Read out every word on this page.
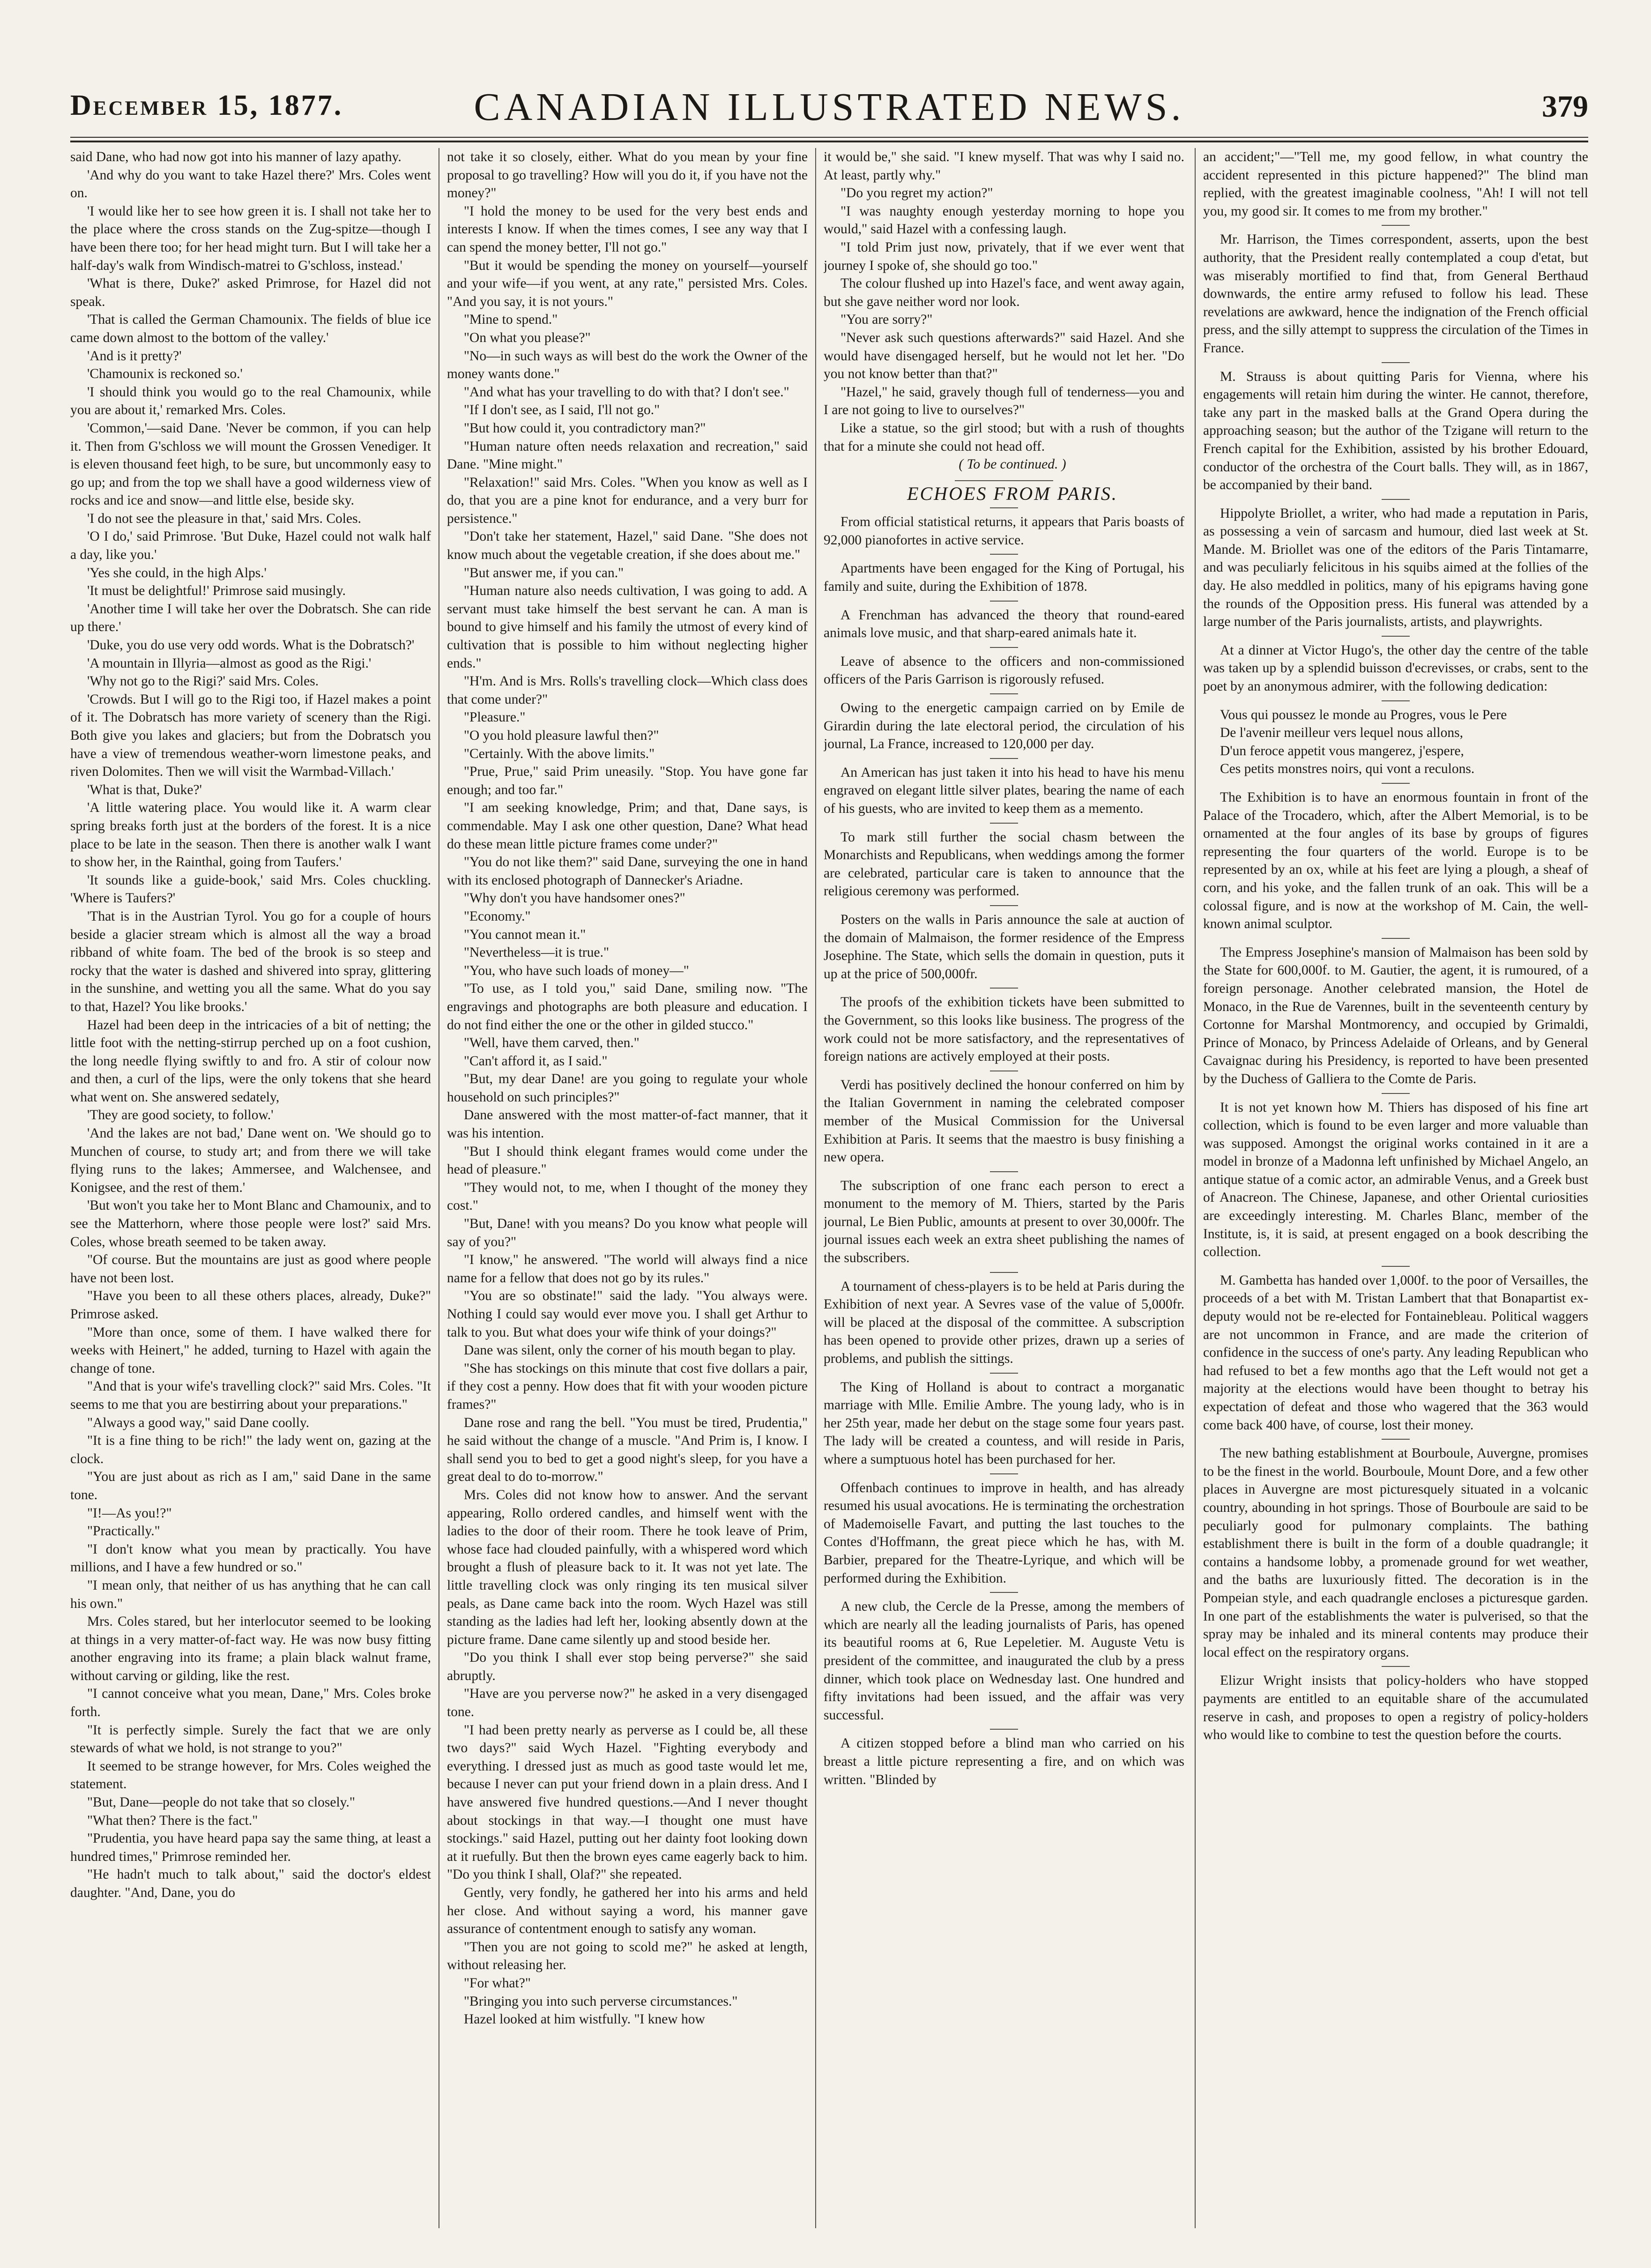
December 15, 1877.	CANADIAN ILLUSTRATED NEWS.	379

said Dane, who had now got into his manner of lazy apathy.

'And why do you want to take Hazel there?' Mrs. Coles went on.

'I would like her to see how green it is. I shall not take her to the place where the cross stands on the Zug-spitze—though I have been there too; for her head might turn. But I will take her a half-day's walk from Windisch-matrei to G'schloss, instead.'

'What is there, Duke?' asked Primrose, for Hazel did not speak.

'That is called the German Chamounix. The fields of blue ice came down almost to the bottom of the valley.'

'And is it pretty?'

'Chamounix is reckoned so.'

'I should think you would go to the real Chamounix, while you are about it,' remarked Mrs. Coles.

'Common,'—said Dane. 'Never be common, if you can help it. Then from G'schloss we will mount the Grossen Venediger. It is eleven thousand feet high, to be sure, but uncommonly easy to go up; and from the top we shall have a good wilderness view of rocks and ice and snow—and little else, beside sky.

'I do not see the pleasure in that,' said Mrs. Coles.

'O I do,' said Primrose. 'But Duke, Hazel could not walk half a day, like you.'

'Yes she could, in the high Alps.'

'It must be delightful!' Primrose said musingly.

'Another time I will take her over the Dobratsch. She can ride up there.'

'Duke, you do use very odd words. What is the Dobratsch?'

'A mountain in Illyria—almost as good as the Rigi.'

'Why not go to the Rigi?' said Mrs. Coles.

'Crowds. But I will go to the Rigi too, if Hazel makes a point of it. The Dobratsch has more variety of scenery than the Rigi. Both give you lakes and glaciers; but from the Dobratsch you have a view of tremendous weather-worn limestone peaks, and riven Dolomites. Then we will visit the Warmbad-Villach.'

'What is that, Duke?'

'A little watering place. You would like it. A warm clear spring breaks forth just at the borders of the forest. It is a nice place to be late in the season. Then there is another walk I want to show her, in the Rainthal, going from Taufers.'

'It sounds like a guide-book,' said Mrs. Coles chuckling. 'Where is Taufers?'

'That is in the Austrian Tyrol. You go for a couple of hours beside a glacier stream which is almost all the way a broad ribband of white foam. The bed of the brook is so steep and rocky that the water is dashed and shivered into spray, glittering in the sunshine, and wetting you all the same. What do you say to that, Hazel? You like brooks.'

Hazel had been deep in the intricacies of a bit of netting; the little foot with the netting-stirrup perched up on a foot cushion, the long needle flying swiftly to and fro. A stir of colour now and then, a curl of the lips, were the only tokens that she heard what went on. She answered sedately,

'They are good society, to follow.'

'And the lakes are not bad,' Dane went on. 'We should go to Munchen of course, to study art; and from there we will take flying runs to the lakes; Ammersee, and Walchensee, and Konigsee, and the rest of them.'

'But won't you take her to Mont Blanc and Chamounix, and to see the Matterhorn, where those people were lost?' said Mrs. Coles, whose breath seemed to be taken away.

"Of course. But the mountains are just as good where people have not been lost.

"Have you been to all these others places, already, Duke?" Primrose asked.

"More than once, some of them. I have walked there for weeks with Heinert," he added, turning to Hazel with again the change of tone.

"And that is your wife's travelling clock?" said Mrs. Coles. "It seems to me that you are bestirring about your preparations."

"Always a good way," said Dane coolly.

"It is a fine thing to be rich!" the lady went on, gazing at the clock.

"You are just about as rich as I am," said Dane in the same tone.

"I!—As you!?"

"Practically."

"I don't know what you mean by practically. You have millions, and I have a few hundred or so."

"I mean only, that neither of us has anything that he can call his own."

Mrs. Coles stared, but her interlocutor seemed to be looking at things in a very matter-of-fact way. He was now busy fitting another engraving into its frame; a plain black walnut frame, without carving or gilding, like the rest.

"I cannot conceive what you mean, Dane," Mrs. Coles broke forth.

"It is perfectly simple. Surely the fact that we are only stewards of what we hold, is not strange to you?"

It seemed to be strange however, for Mrs. Coles weighed the statement.

"But, Dane—people do not take that so closely."

"What then? There is the fact."

"Prudentia, you have heard papa say the same thing, at least a hundred times," Primrose reminded her.

"He hadn't much to talk about," said the doctor's eldest daughter. "And, Dane, you do

not take it so closely, either. What do you mean by your fine proposal to go travelling? How will you do it, if you have not the money?"

"I hold the money to be used for the very best ends and interests I know. If when the times comes, I see any way that I can spend the money better, I'll not go."

"But it would be spending the money on yourself—yourself and your wife—if you went, at any rate," persisted Mrs. Coles. "And you say, it is not yours."

"Mine to spend."

"On what you please?"

"No—in such ways as will best do the work the Owner of the money wants done."

"And what has your travelling to do with that? I don't see."

"If I don't see, as I said, I'll not go."

"But how could it, you contradictory man?"

"Human nature often needs relaxation and recreation," said Dane. "Mine might."

"Relaxation!" said Mrs. Coles. "When you know as well as I do, that you are a pine knot for endurance, and a very burr for persistence."

"Don't take her statement, Hazel," said Dane. "She does not know much about the vegetable creation, if she does about me."

"But answer me, if you can."

"Human nature also needs cultivation, I was going to add. A servant must take himself the best servant he can. A man is bound to give himself and his family the utmost of every kind of cultivation that is possible to him without neglecting higher ends."

"H'm. And is Mrs. Rolls's travelling clock—Which class does that come under?"

"Pleasure."

"O you hold pleasure lawful then?"

"Certainly. With the above limits."

"Prue, Prue," said Prim uneasily. "Stop. You have gone far enough; and too far."

"I am seeking knowledge, Prim; and that, Dane says, is commendable. May I ask one other question, Dane? What head do these mean little picture frames come under?"

"You do not like them?" said Dane, surveying the one in hand with its enclosed photograph of Dannecker's Ariadne.

"Why don't you have handsomer ones?"

"Economy."

"You cannot mean it."

"Nevertheless—it is true."

"You, who have such loads of money—"

"To use, as I told you," said Dane, smiling now. "The engravings and photographs are both pleasure and education. I do not find either the one or the other in gilded stucco."

"Well, have them carved, then."

"Can't afford it, as I said."

"But, my dear Dane! are you going to regulate your whole household on such principles?"

Dane answered with the most matter-of-fact manner, that it was his intention.

"But I should think elegant frames would come under the head of pleasure."

"They would not, to me, when I thought of the money they cost."

"But, Dane! with you means? Do you know what people will say of you?"

"I know," he answered. "The world will always find a nice name for a fellow that does not go by its rules."

"You are so obstinate!" said the lady. "You always were. Nothing I could say would ever move you. I shall get Arthur to talk to you. But what does your wife think of your doings?"

Dane was silent, only the corner of his mouth began to play.

"She has stockings on this minute that cost five dollars a pair, if they cost a penny. How does that fit with your wooden picture frames?"

Dane rose and rang the bell. "You must be tired, Prudentia," he said without the change of a muscle. "And Prim is, I know. I shall send you to bed to get a good night's sleep, for you have a great deal to do to-morrow."

Mrs. Coles did not know how to answer. And the servant appearing, Rollo ordered candles, and himself went with the ladies to the door of their room. There he took leave of Prim, whose face had clouded painfully, with a whispered word which brought a flush of pleasure back to it. It was not yet late. The little travelling clock was only ringing its ten musical silver peals, as Dane came back into the room. Wych Hazel was still standing as the ladies had left her, looking absently down at the picture frame. Dane came silently up and stood beside her.

"Do you think I shall ever stop being perverse?" she said abruptly.

"Have are you perverse now?" he asked in a very disengaged tone.

"I had been pretty nearly as perverse as I could be, all these two days?" said Wych Hazel. "Fighting everybody and everything. I dressed just as much as good taste would let me, because I never can put your friend down in a plain dress. And I have answered five hundred questions.—And I never thought about stockings in that way.—I thought one must have stockings." said Hazel, putting out her dainty foot looking down at it ruefully. But then the brown eyes came eagerly back to him. "Do you think I shall, Olaf?" she repeated.

Gently, very fondly, he gathered her into his arms and held her close. And without saying a word, his manner gave assurance of contentment enough to satisfy any woman.

"Then you are not going to scold me?" he asked at length, without releasing her.

"For what?"

"Bringing you into such perverse circumstances."

Hazel looked at him wistfully. "I knew how

it would be," she said. "I knew myself. That was why I said no. At least, partly why."

"Do you regret my action?"

"I was naughty enough yesterday morning to hope you would," said Hazel with a confessing laugh.

"I told Prim just now, privately, that if we ever went that journey I spoke of, she should go too."

The colour flushed up into Hazel's face, and went away again, but she gave neither word nor look.

"You are sorry?"

"Never ask such questions afterwards?" said Hazel. And she would have disengaged herself, but he would not let her. "Do you not know better than that?"

"Hazel," he said, gravely though full of tenderness—you and I are not going to live to ourselves?"

Like a statue, so the girl stood; but with a rush of thoughts that for a minute she could not head off.

( To be continued. )

ECHOES FROM PARIS.

From official statistical returns, it appears that Paris boasts of 92,000 pianofortes in active service.

Apartments have been engaged for the King of Portugal, his family and suite, during the Exhibition of 1878.

A Frenchman has advanced the theory that round-eared animals love music, and that sharp-eared animals hate it.

Leave of absence to the officers and non-commissioned officers of the Paris Garrison is rigorously refused.

Owing to the energetic campaign carried on by Emile de Girardin during the late electoral period, the circulation of his journal, La France, increased to 120,000 per day.

An American has just taken it into his head to have his menu engraved on elegant little silver plates, bearing the name of each of his guests, who are invited to keep them as a memento.

To mark still further the social chasm between the Monarchists and Republicans, when weddings among the former are celebrated, particular care is taken to announce that the religious ceremony was performed.

Posters on the walls in Paris announce the sale at auction of the domain of Malmaison, the former residence of the Empress Josephine. The State, which sells the domain in question, puts it up at the price of 500,000fr.

The proofs of the exhibition tickets have been submitted to the Government, so this looks like business. The progress of the work could not be more satisfactory, and the representatives of foreign nations are actively employed at their posts.

Verdi has positively declined the honour conferred on him by the Italian Government in naming the celebrated composer member of the Musical Commission for the Universal Exhibition at Paris. It seems that the maestro is busy finishing a new opera.

The subscription of one franc each person to erect a monument to the memory of M. Thiers, started by the Paris journal, Le Bien Public, amounts at present to over 30,000fr. The journal issues each week an extra sheet publishing the names of the subscribers.

A tournament of chess-players is to be held at Paris during the Exhibition of next year. A Sevres vase of the value of 5,000fr. will be placed at the disposal of the committee. A subscription has been opened to provide other prizes, drawn up a series of problems, and publish the sittings.

The King of Holland is about to contract a morganatic marriage with Mlle. Emilie Ambre. The young lady, who is in her 25th year, made her debut on the stage some four years past. The lady will be created a countess, and will reside in Paris, where a sumptuous hotel has been purchased for her.

Offenbach continues to improve in health, and has already resumed his usual avocations. He is terminating the orchestration of Mademoiselle Favart, and putting the last touches to the Contes d'Hoffmann, the great piece which he has, with M. Barbier, prepared for the Theatre-Lyrique, and which will be performed during the Exhibition.

A new club, the Cercle de la Presse, among the members of which are nearly all the leading journalists of Paris, has opened its beautiful rooms at 6, Rue Lepeletier. M. Auguste Vetu is president of the committee, and inaugurated the club by a press dinner, which took place on Wednesday last. One hundred and fifty invitations had been issued, and the affair was very successful.

A citizen stopped before a blind man who carried on his breast a little picture representing a fire, and on which was written. "Blinded by

an accident;"—"Tell me, my good fellow, in what country the accident represented in this picture happened?" The blind man replied, with the greatest imaginable coolness, "Ah! I will not tell you, my good sir. It comes to me from my brother."

Mr. Harrison, the Times correspondent, asserts, upon the best authority, that the President really contemplated a coup d'etat, but was miserably mortified to find that, from General Berthaud downwards, the entire army refused to follow his lead. These revelations are awkward, hence the indignation of the French official press, and the silly attempt to suppress the circulation of the Times in France.

M. Strauss is about quitting Paris for Vienna, where his engagements will retain him during the winter. He cannot, therefore, take any part in the masked balls at the Grand Opera during the approaching season; but the author of the Tzigane will return to the French capital for the Exhibition, assisted by his brother Edouard, conductor of the orchestra of the Court balls. They will, as in 1867, be accompanied by their band.

Hippolyte Briollet, a writer, who had made a reputation in Paris, as possessing a vein of sarcasm and humour, died last week at St. Mande. M. Briollet was one of the editors of the Paris Tintamarre, and was peculiarly felicitous in his squibs aimed at the follies of the day. He also meddled in politics, many of his epigrams having gone the rounds of the Opposition press. His funeral was attended by a large number of the Paris journalists, artists, and playwrights.

At a dinner at Victor Hugo's, the other day the centre of the table was taken up by a splendid buisson d'ecrevisses, or crabs, sent to the poet by an anonymous admirer, with the following dedication:

Vous qui poussez le monde au Progres, vous le Pere

De l'avenir meilleur vers lequel nous allons,

D'un feroce appetit vous mangerez, j'espere,

Ces petits monstres noirs, qui vont a reculons.

The Exhibition is to have an enormous fountain in front of the Palace of the Trocadero, which, after the Albert Memorial, is to be ornamented at the four angles of its base by groups of figures representing the four quarters of the world. Europe is to be represented by an ox, while at his feet are lying a plough, a sheaf of corn, and his yoke, and the fallen trunk of an oak. This will be a colossal figure, and is now at the workshop of M. Cain, the well-known animal sculptor.

The Empress Josephine's mansion of Malmaison has been sold by the State for 600,000f. to M. Gautier, the agent, it is rumoured, of a foreign personage. Another celebrated mansion, the Hotel de Monaco, in the Rue de Varennes, built in the seventeenth century by Cortonne for Marshal Montmorency, and occupied by Grimaldi, Prince of Monaco, by Princess Adelaide of Orleans, and by General Cavaignac during his Presidency, is reported to have been presented by the Duchess of Galliera to the Comte de Paris.

It is not yet known how M. Thiers has disposed of his fine art collection, which is found to be even larger and more valuable than was supposed. Amongst the original works contained in it are a model in bronze of a Madonna left unfinished by Michael Angelo, an antique statue of a comic actor, an admirable Venus, and a Greek bust of Anacreon. The Chinese, Japanese, and other Oriental curiosities are exceedingly interesting. M. Charles Blanc, member of the Institute, is, it is said, at present engaged on a book describing the collection.

M. Gambetta has handed over 1,000f. to the poor of Versailles, the proceeds of a bet with M. Tristan Lambert that that Bonapartist ex-deputy would not be re-elected for Fontainebleau. Political waggers are not uncommon in France, and are made the criterion of confidence in the success of one's party. Any leading Republican who had refused to bet a few months ago that the Left would not get a majority at the elections would have been thought to betray his expectation of defeat and those who wagered that the 363 would come back 400 have, of course, lost their money.

The new bathing establishment at Bourboule, Auvergne, promises to be the finest in the world. Bourboule, Mount Dore, and a few other places in Auvergne are most picturesquely situated in a volcanic country, abounding in hot springs. Those of Bourboule are said to be peculiarly good for pulmonary complaints. The bathing establishment there is built in the form of a double quadrangle; it contains a handsome lobby, a promenade ground for wet weather, and the baths are luxuriously fitted. The decoration is in the Pompeian style, and each quadrangle encloses a picturesque garden. In one part of the establishments the water is pulverised, so that the spray may be inhaled and its mineral contents may produce their local effect on the respiratory organs.

Elizur Wright insists that policy-holders who have stopped payments are entitled to an equitable share of the accumulated reserve in cash, and proposes to open a registry of policy-holders who would like to combine to test the question before the courts.
